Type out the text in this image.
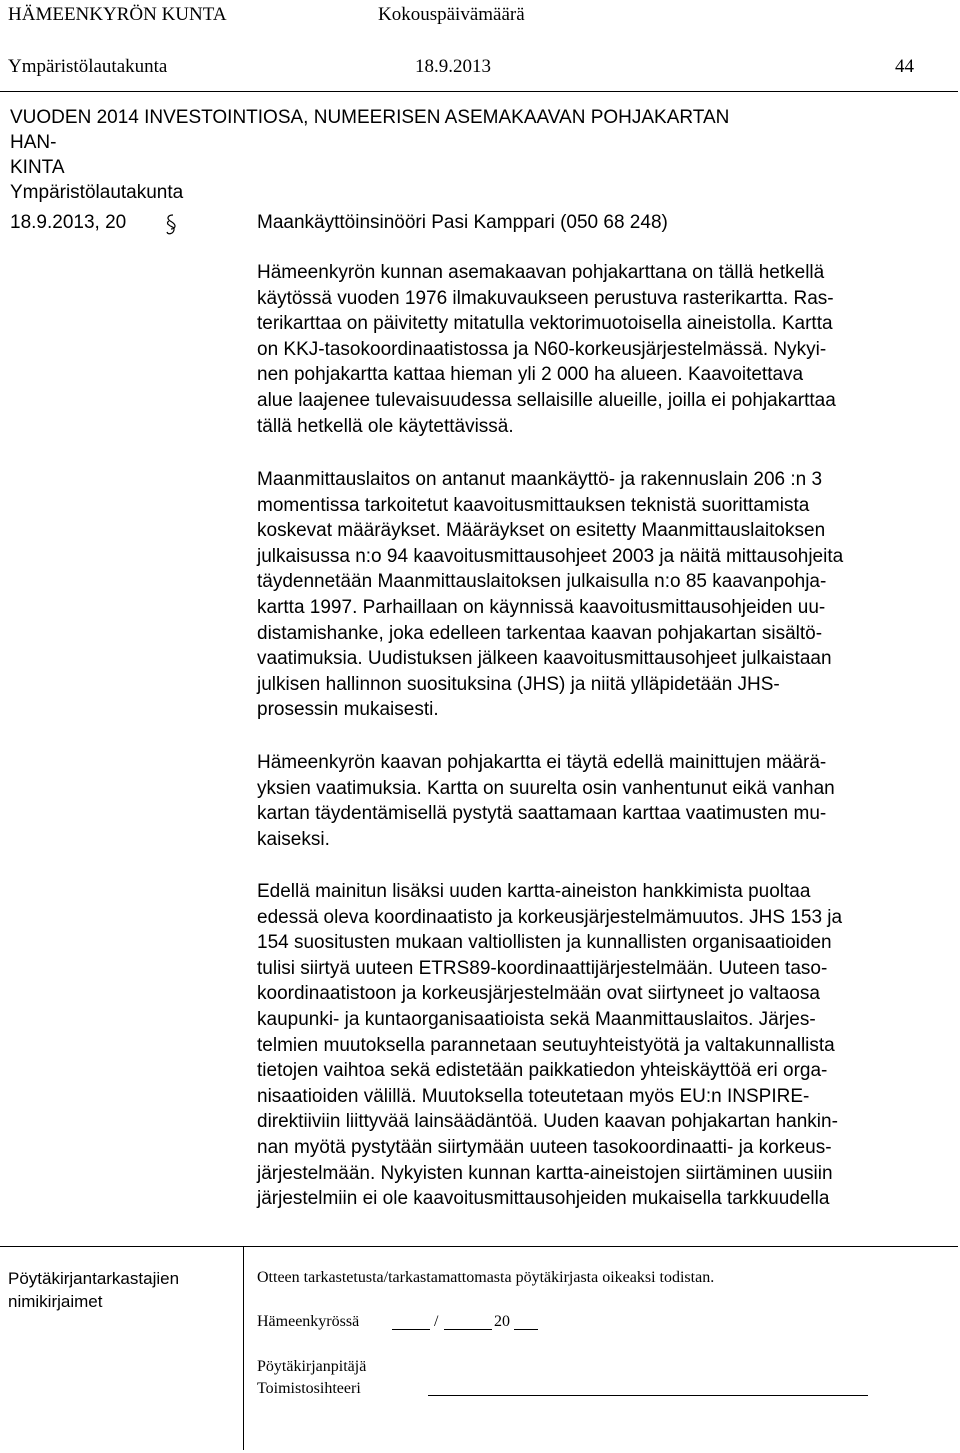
HÄMEENKYRÖN KUNTA	Kokouspäivämäärä
Ympäristölautakunta	18.9.2013	44
VUODEN 2014 INVESTOINTIOSA, NUMEERISEN ASEMAKAAVAN POHJAKARTAN HAN-
KINTA
Ympäristölautakunta
18.9.2013, 20	Maankäyttöinsinööri Pasi Kamppari (050 68 248)

Hämeenkyrön kunnan asemakaavan pohjakarttana on tällä hetkellä
käytössä vuoden 1976 ilmakuvaukseen perustuva rasterikartta. Ras-
terikarttaa on päivitetty mitatulla vektorimuotoisella aineistolla. Kartta
on KKJ-tasokoordinaatistossa ja N60-korkeusjärjestelmässä. Nykyi-
nen pohjakartta kattaa hieman yli 2 000 ha alueen. Kaavoitettava
alue laajenee tulevaisuudessa sellaisille alueille, joilla ei pohjakarttaa
tällä hetkellä ole käytettävissä.

Maanmittauslaitos on antanut maankäyttö- ja rakennuslain 206 :n 3
momentissa tarkoitetut kaavoitusmittauksen teknistä suorittamista
koskevat määräykset. Määräykset on esitetty Maanmittauslaitoksen
julkaisussa n:o 94 kaavoitusmittausohjeet 2003 ja näitä mittausohjeita
täydennetään Maanmittauslaitoksen julkaisulla n:o 85 kaavanpohja-
kartta 1997. Parhaillaan on käynnissä kaavoitusmittausohjeiden uu-
distamishanke, joka edelleen tarkentaa kaavan pohjakartan sisältö-
vaatimuksia. Uudistuksen jälkeen kaavoitusmittausohjeet julkaistaan
julkisen hallinnon suosituksina (JHS) ja niitä ylläpidetään JHS-
prosessin mukaisesti.

Hämeenkyrön kaavan pohjakartta ei täytä edellä mainittujen määrä-
yksien vaatimuksia. Kartta on suurelta osin vanhentunut eikä vanhan
kartan täydentämisellä pystytä saattamaan karttaa vaatimusten mu-
kaiseksi.

Edellä mainitun lisäksi uuden kartta-aineiston hankkimista puoltaa
edessä oleva koordinaatisto ja korkeusjärjestelmämuutos. JHS 153 ja
154 suositusten mukaan valtiollisten ja kunnallisten organisaatioiden
tulisi siirtyä uuteen ETRS89-koordinaattijärjestelmään. Uuteen taso-
koordinaatistoon ja korkeusjärjestelmään ovat siirtyneet jo valtaosa
kaupunki- ja kuntaorganisaatioista sekä Maanmittauslaitos. Järjes-
telmien muutoksella parannetaan seutuyhteistyötä ja valtakunnallista
tietojen vaihtoa sekä edistetään paikkatiedon yhteiskäyttöä eri orga-
nisaatioiden välillä. Muutoksella toteutetaan myös EU:n INSPIRE-
direktiiviin liittyvää lainsäädäntöä. Uuden kaavan pohjakartan hankin-
nan myötä pystytään siirtymään uuteen tasokoordinaatti- ja korkeus-
järjestelmään. Nykyisten kunnan kartta-aineistojen siirtäminen uusiin
järjestelmiin ei ole kaavoitusmittausohjeiden mukaisella tarkkuudella

Pöytäkirjantarkastajien
nimikirjaimet
Otteen tarkastetusta/tarkastamattomasta pöytäkirjasta oikeaksi todistan.
Hämeenkyrössä	/	20
Pöytäkirjanpitäjä
Toimistosihteeri
